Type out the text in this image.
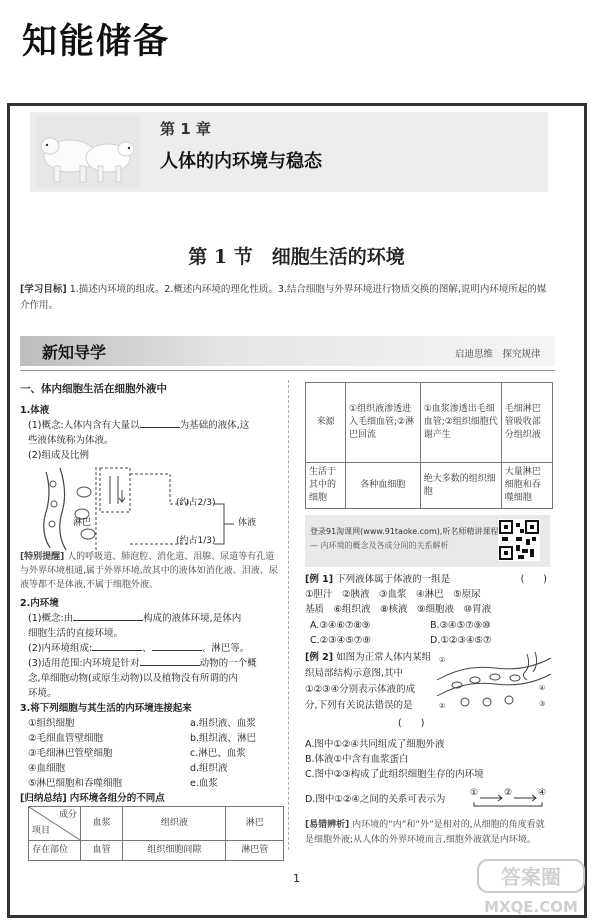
知能储备
第 1 章
人体的内环境与稳态
第 1 节　细胞生活的环境
[学习目标] 1.描述内环境的组成。2.概述内环境的理化性质。3.结合细胞与外界环境进行物质交换的图解,说明内环境所起的媒介作用。
新知导学	启迪思维　探究规律
一、体内细胞生活在细胞外液中
1.体液
(1)概念:人体内含有大量以	为基础的液体,这
些液体统称为体液。
(2)组成及比例
淋巴
(约占2/3)
(约占1/3)
体液
[特别提醒] 人的呼吸道、肺泡腔、消化道、泪腺、尿道等有孔道与外界环境相通,属于外界环境,故其中的液体如消化液、泪液、尿液等都不是体液,不属于细胞外液。
2.内环境
(1)概念:由	构成的液体环境,是体内
细胞生活的直接环境。
(2)内环境组成:	、	、淋巴等。
(3)适用范围:内环境是针对	动物的一个概
念,单细胞动物(或原生动物)以及植物没有所谓的内
环境。
3.将下列细胞与其生活的内环境连接起来
①组织细胞
②毛细血管壁细胞
③毛细淋巴管壁细胞
④血细胞
⑤淋巴细胞和吞噬细胞
a.组织液、血浆
b.组织液、淋巴
c.淋巴、血浆
d.组织液
e.血浆
[归纳总结] 内环境各组分的不同点
成分
项目	血浆	组织液	淋巴
存在部位	血管	组织细胞间隙	淋巴管
来源	①组织液渗透进入毛细血管;②淋巴回流	①血浆渗透出毛细血管;②组织细胞代谢产生	毛细淋巴管吸收部分组织液
生活于其中的细胞	各种血细胞	绝大多数的组织细胞	大量淋巴细胞和吞噬细胞
登录91淘课网(www.91taoke.com),听名师精讲课程
— 内环境的概念及各成分间的关系解析
[例 1] 下列液体属于体液的一组是	(　　)
①胆汁　②胰液　③血浆　④淋巴　⑤原尿
基质　⑥组织液　⑧核液　⑨细胞液　⑩胃液
A.③④⑥⑦⑧⑨	B.③④⑤⑦⑨⑩
C.②③④⑤⑦⑨	D.①②③④⑤⑦
[例 2] 如图为正常人体内某组
织局部结构示意图,其中
①②③④分别表示体液的成
分,下列有关说法错误的是
(　　)
①
②
④
③
A.图中①②④共同组成了细胞外液
B.体液①中含有血浆蛋白
C.图中②③构成了此组织细胞生存的内环境
D.图中①②④之间的关系可表示为
①	②	④
[易错辨析] 内环境的“内”和“外”是相对的,从细胞的角度看就是细胞外液;从人体的外界环境而言,细胞外液就是内环境。
1	答案圈
MXQE.COM
